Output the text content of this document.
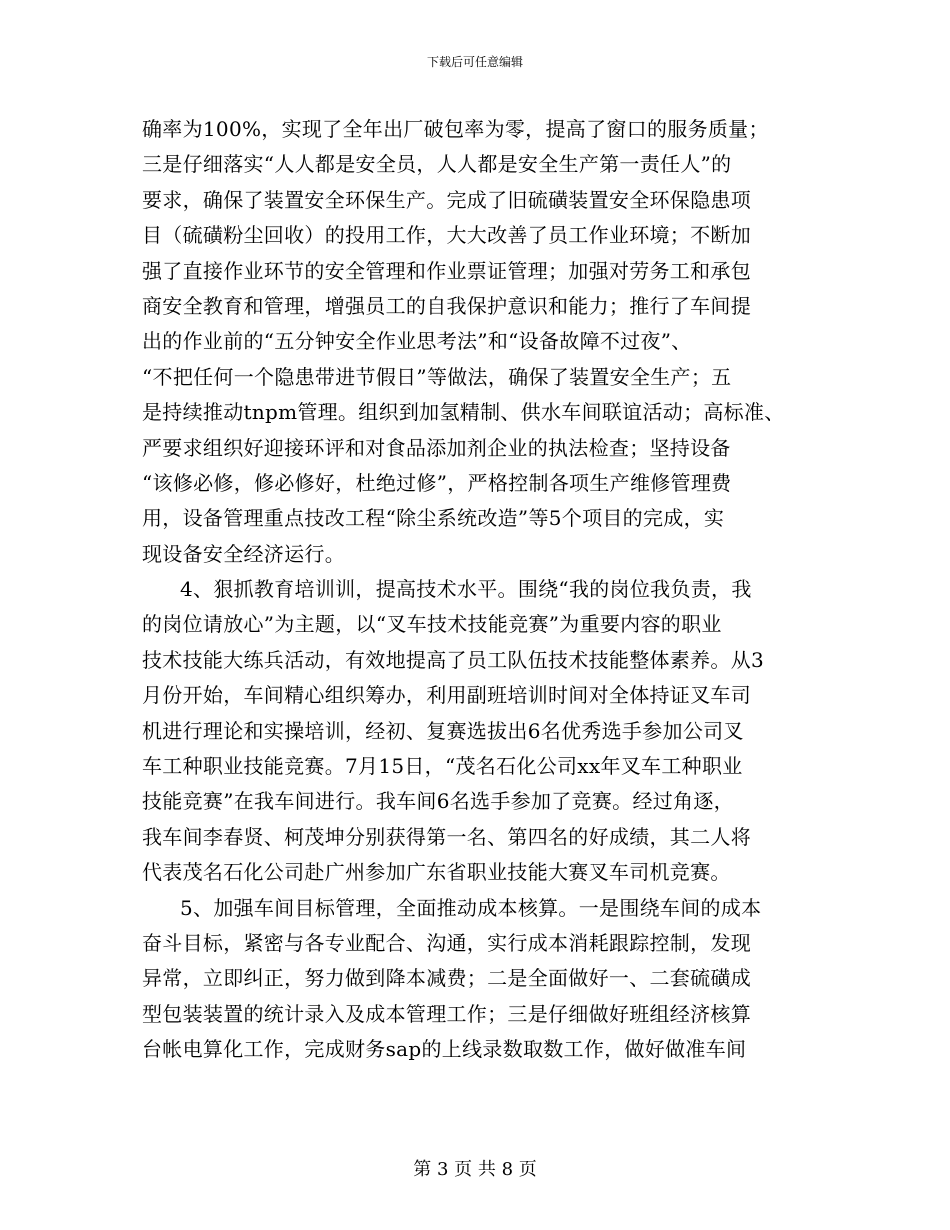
下载后可任意编辑
确率为100%，实现了全年出厂破包率为零，提高了窗口的服务质量；
三是仔细落实“人人都是安全员，人人都是安全生产第一责任人”的
要求，确保了装置安全环保生产。完成了旧硫磺装置安全环保隐患项
目（硫磺粉尘回收）的投用工作，大大改善了员工作业环境；不断加
强了直接作业环节的安全管理和作业票证管理；加强对劳务工和承包
商安全教育和管理，增强员工的自我保护意识和能力；推行了车间提
出的作业前的“五分钟安全作业思考法”和“设备故障不过夜”、
“不把任何一个隐患带进节假日”等做法，确保了装置安全生产；五
是持续推动tnpm管理。组织到加氢精制、供水车间联谊活动；高标准、
严要求组织好迎接环评和对食品添加剂企业的执法检查；坚持设备
“该修必修，修必修好，杜绝过修”，严格控制各项生产维修管理费
用，设备管理重点技改工程“除尘系统改造”等5个项目的完成，实
现设备安全经济运行。
4、狠抓教育培训训，提高技术水平。围绕“我的岗位我负责，我
的岗位请放心”为主题，以“叉车技术技能竞赛”为重要内容的职业
技术技能大练兵活动，有效地提高了员工队伍技术技能整体素养。从3
月份开始，车间精心组织筹办，利用副班培训时间对全体持证叉车司
机进行理论和实操培训，经初、复赛选拔出6名优秀选手参加公司叉
车工种职业技能竞赛。7月15日，“茂名石化公司xx年叉车工种职业
技能竞赛”在我车间进行。我车间6名选手参加了竞赛。经过角逐，
我车间李春贤、柯茂坤分别获得第一名、第四名的好成绩，其二人将
代表茂名石化公司赴广州参加广东省职业技能大赛叉车司机竞赛。
5、加强车间目标管理，全面推动成本核算。一是围绕车间的成本
奋斗目标，紧密与各专业配合、沟通，实行成本消耗跟踪控制，发现
异常，立即纠正，努力做到降本减费；二是全面做好一、二套硫磺成
型包装装置的统计录入及成本管理工作；三是仔细做好班组经济核算
台帐电算化工作，完成财务sap的上线录数取数工作，做好做准车间
第 3 页 共 8 页
